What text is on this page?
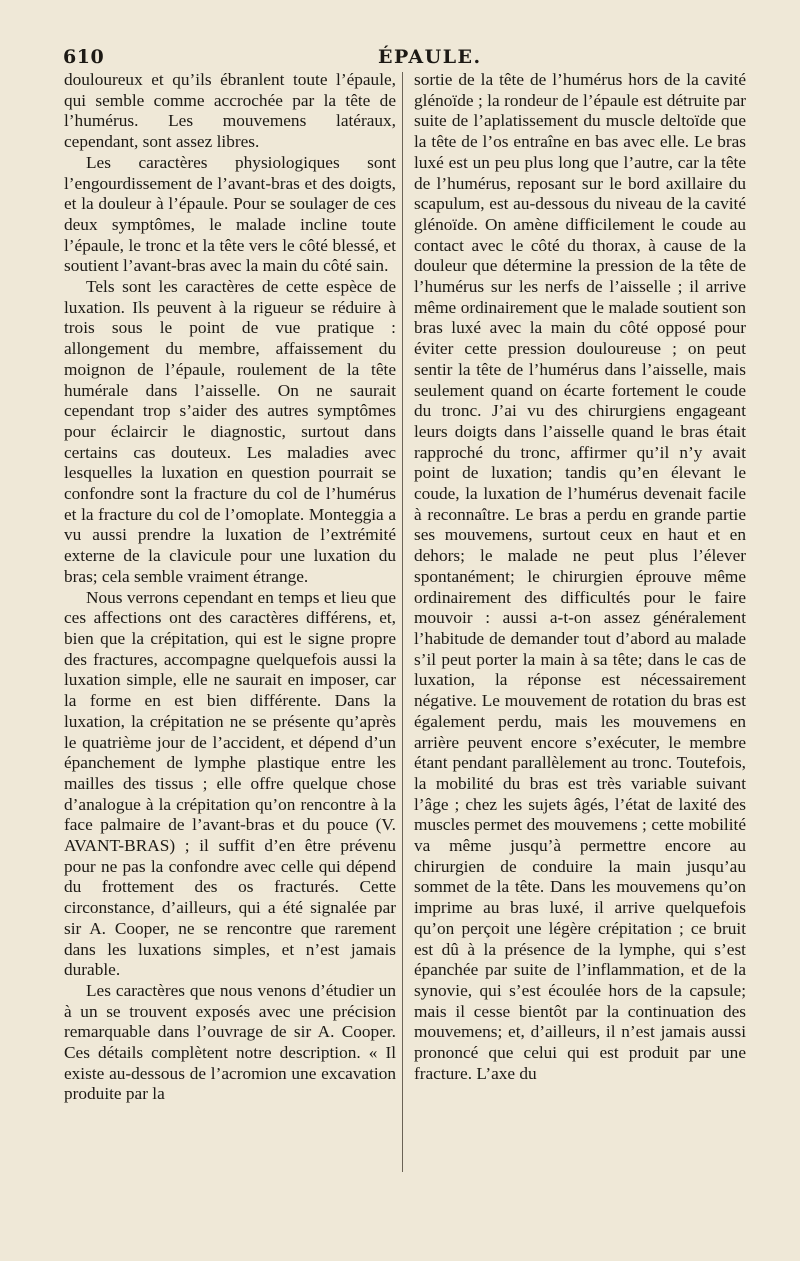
610	ÉPAULE.

douloureux et qu’ils ébranlent toute l’épaule, qui semble comme accrochée par la tête de l’humérus. Les mouvemens latéraux, cependant, sont assez libres.

Les caractères physiologiques sont l’engourdissement de l’avant-bras et des doigts, et la douleur à l’épaule. Pour se soulager de ces deux symptômes, le malade incline toute l’épaule, le tronc et la tête vers le côté blessé, et soutient l’avant-bras avec la main du côté sain.

Tels sont les caractères de cette espèce de luxation. Ils peuvent à la rigueur se réduire à trois sous le point de vue pratique : allongement du membre, affaissement du moignon de l’épaule, roulement de la tête humérale dans l’aisselle. On ne saurait cependant trop s’aider des autres symptômes pour éclaircir le diagnostic, surtout dans certains cas douteux. Les maladies avec lesquelles la luxation en question pourrait se confondre sont la fracture du col de l’humérus et la fracture du col de l’omoplate. Monteggia a vu aussi prendre la luxation de l’extrémité externe de la clavicule pour une luxation du bras; cela semble vraiment étrange.

Nous verrons cependant en temps et lieu que ces affections ont des caractères différens, et, bien que la crépitation, qui est le signe propre des fractures, accompagne quelquefois aussi la luxation simple, elle ne saurait en imposer, car la forme en est bien différente. Dans la luxation, la crépitation ne se présente qu’après le quatrième jour de l’accident, et dépend d’un épanchement de lymphe plastique entre les mailles des tissus ; elle offre quelque chose d’analogue à la crépitation qu’on rencontre à la face palmaire de l’avant-bras et du pouce (V. AVANT-BRAS) ; il suffit d’en être prévenu pour ne pas la confondre avec celle qui dépend du frottement des os fracturés. Cette circonstance, d’ailleurs, qui a été signalée par sir A. Cooper, ne se rencontre que rarement dans les luxations simples, et n’est jamais durable.

Les caractères que nous venons d’étudier un à un se trouvent exposés avec une précision remarquable dans l’ouvrage de sir A. Cooper. Ces détails complètent notre description. « Il existe au-dessous de l’acromion une excavation produite par la

sortie de la tête de l’humérus hors de la cavité glénoïde ; la rondeur de l’épaule est détruite par suite de l’aplatissement du muscle deltoïde que la tête de l’os entraîne en bas avec elle. Le bras luxé est un peu plus long que l’autre, car la tête de l’humérus, reposant sur le bord axillaire du scapulum, est au-dessous du niveau de la cavité glénoïde. On amène difficilement le coude au contact avec le côté du thorax, à cause de la douleur que détermine la pression de la tête de l’humérus sur les nerfs de l’aisselle ; il arrive même ordinairement que le malade soutient son bras luxé avec la main du côté opposé pour éviter cette pression douloureuse ; on peut sentir la tête de l’humérus dans l’aisselle, mais seulement quand on écarte fortement le coude du tronc. J’ai vu des chirurgiens engageant leurs doigts dans l’aisselle quand le bras était rapproché du tronc, affirmer qu’il n’y avait point de luxation; tandis qu’en élevant le coude, la luxation de l’humérus devenait facile à reconnaître. Le bras a perdu en grande partie ses mouvemens, surtout ceux en haut et en dehors; le malade ne peut plus l’élever spontanément; le chirurgien éprouve même ordinairement des difficultés pour le faire mouvoir : aussi a-t-on assez généralement l’habitude de demander tout d’abord au malade s’il peut porter la main à sa tête; dans le cas de luxation, la réponse est nécessairement négative. Le mouvement de rotation du bras est également perdu, mais les mouvemens en arrière peuvent encore s’exécuter, le membre étant pendant parallèlement au tronc. Toutefois, la mobilité du bras est très variable suivant l’âge ; chez les sujets âgés, l’état de laxité des muscles permet des mouvemens ; cette mobilité va même jusqu’à permettre encore au chirurgien de conduire la main jusqu’au sommet de la tête. Dans les mouvemens qu’on imprime au bras luxé, il arrive quelquefois qu’on perçoit une légère crépitation ; ce bruit est dû à la présence de la lymphe, qui s’est épanchée par suite de l’inflammation, et de la synovie, qui s’est écoulée hors de la capsule; mais il cesse bientôt par la continuation des mouvemens; et, d’ailleurs, il n’est jamais aussi prononcé que celui qui est produit par une fracture. L’axe du
